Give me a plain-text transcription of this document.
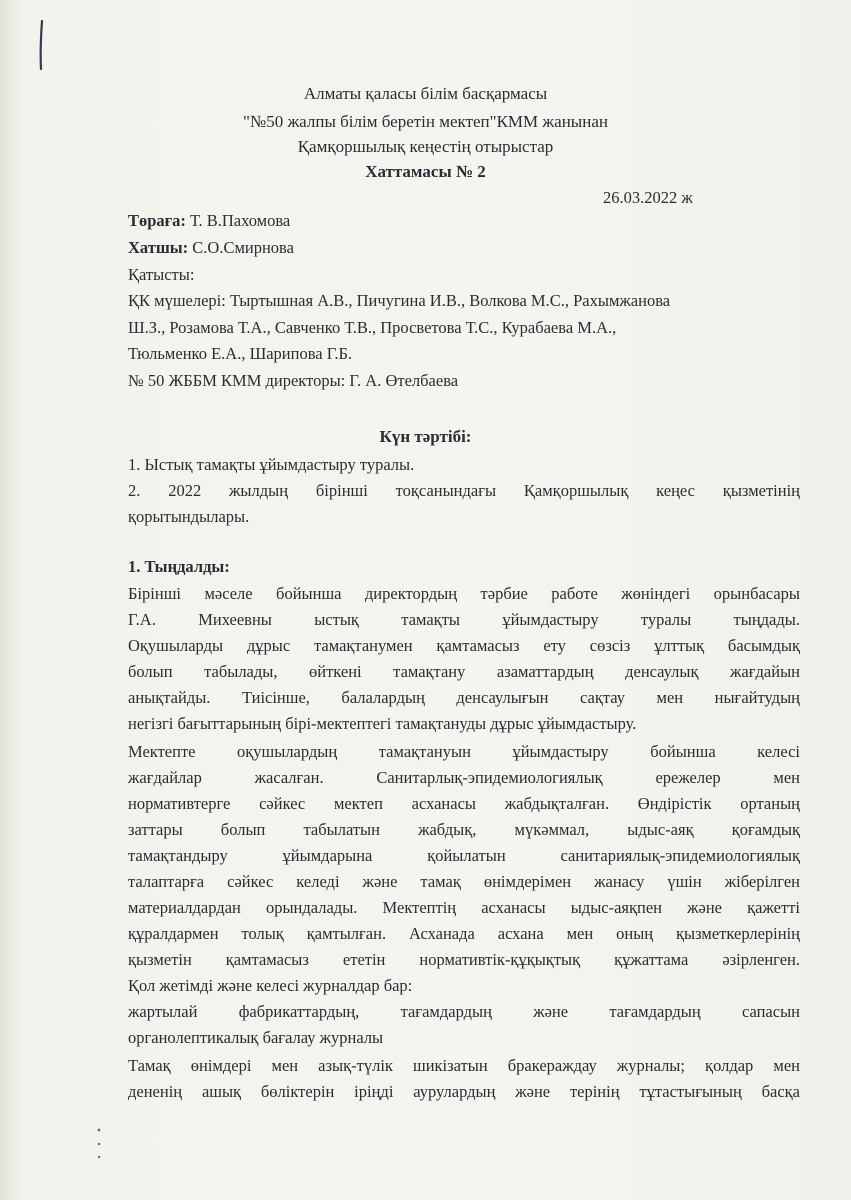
Алматы қаласы білім басқармасы
"№50 жалпы білім беретін мектеп"КММ жанынан
Қамқоршылық кеңестің отырыстар
Хаттамасы № 2
26.03.2022 ж
Төрағa: Т. В.Пахомова
Хатшы: С.О.Смирнова
Қатысты:
ҚК мүшелері: Тыртышная А.В., Пичугина И.В., Волкова М.С., Рахымжанова
Ш.З., Розамова Т.А., Савченко Т.В., Просветова Т.С., Курабаева М.А.,
Тюльменко Е.А., Шарипова Г.Б.
№ 50 ЖББМ КММ директоры: Г. А. Өтелбаева
Күн тәртібі:
1. Ыстық тамақты ұйымдастыру туралы.
2. 2022 жылдың бірінші тоқсанындағы Қамқоршылық кеңес қызметінің
қорытындылары.
1. Тыңдалды:
Бірінші мәселе бойынша директордың тәрбие работе жөніндегі орынбасары
Г.А. Михеевны ыстық тамақты ұйымдастыру туралы тыңдады.
Оқушыларды дұрыс тамақтанумен қамтамасыз ету сөзсіз ұлттық басымдық
болып табылады, өйткені тамақтану азаматтардың денсаулық жағдайын
анықтайды. Тиісінше, балалардың денсаулығын сақтау мен нығайтудың
негізгі бағыттарының бірі-мектептегі тамақтануды дұрыс ұйымдастыру.
Мектепте оқушылардың тамақтануын ұйымдастыру бойынша келесі
жағдайлар жасалған. Санитарлық-эпидемиологиялық ережелер мен
нормативтерге сәйкес мектеп асханасы жабдықталған. Өндірістік ортаның
заттары болып табылатын жабдық, мүкәммал, ыдыс-аяқ қоғамдық
тамақтандыру ұйымдарына қойылатын санитариялық-эпидемиологиялық
талаптарға сәйкес келеді және тамақ өнімдерімен жанасу үшін жіберілген
материалдардан орындалады. Мектептің асханасы ыдыс-аяқпен және қажетті
құралдармен толық қамтылған. Асханада асхана мен оның қызметкерлерінің
қызметін қамтамасыз ететін нормативтік-құқықтық құжаттама әзірленген.
Қол жетімді және келесі журналдар бар:
жартылай фабрикаттардың, тағамдардың және тағамдардың сапасын
органолептикалық бағалау журналы
Тамақ өнімдері мен азық-түлік шикізатын бракераждау журналы; қолдар мен
дененің ашық бөліктерін іріңді аурулардың және терінің тұтастығының басқа
